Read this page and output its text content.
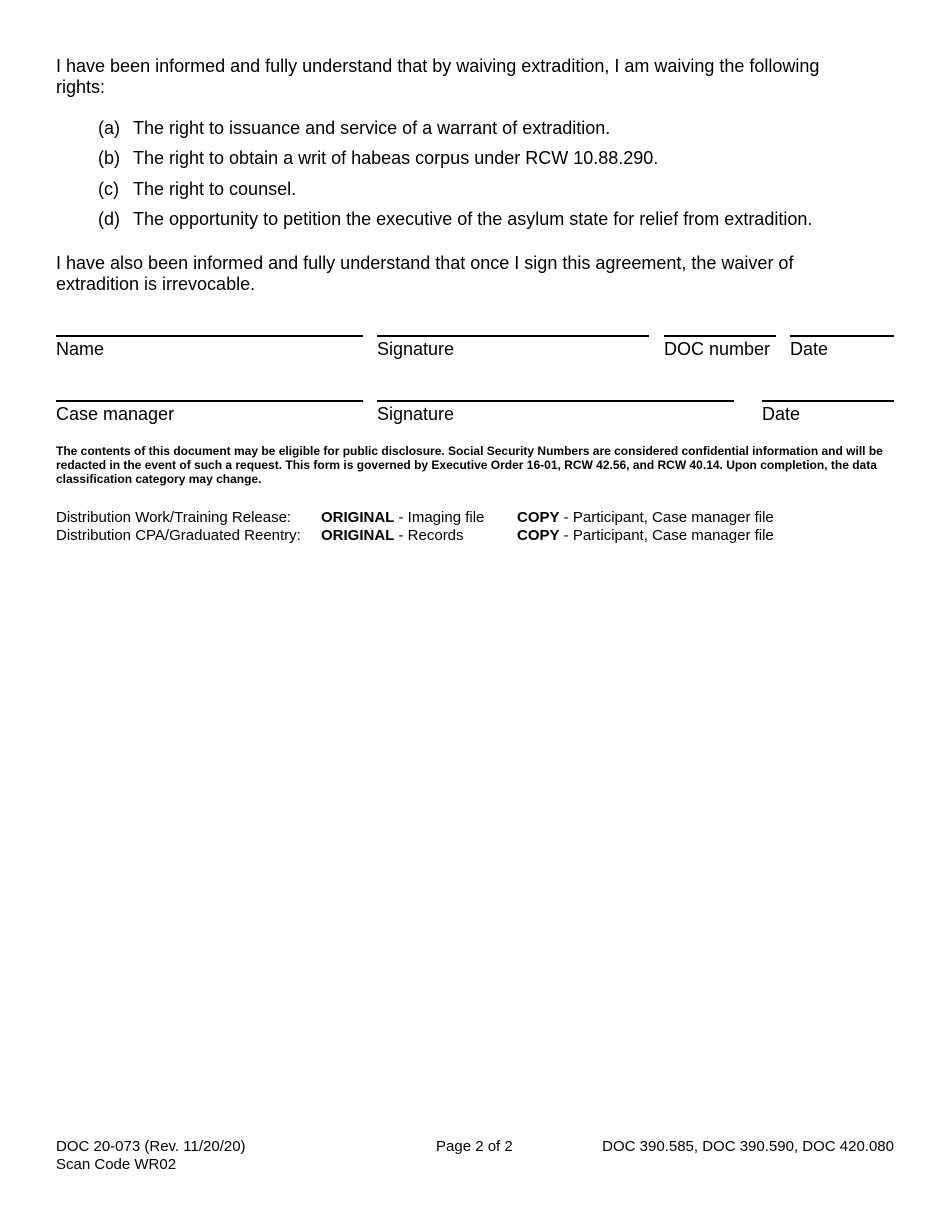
I have been informed and fully understand that by waiving extradition, I am waiving the following rights:

(a) The right to issuance and service of a warrant of extradition.
(b) The right to obtain a writ of habeas corpus under RCW 10.88.290.
(c) The right to counsel.
(d) The opportunity to petition the executive of the asylum state for relief from extradition.

I have also been informed and fully understand that once I sign this agreement, the waiver of extradition is irrevocable.

Name	Signature	DOC number Date
Case manager	Signature	Date

The contents of this document may be eligible for public disclosure. Social Security Numbers are considered confidential information and will be redacted in the event of such a request. This form is governed by Executive Order 16-01, RCW 42.56, and RCW 40.14. Upon completion, the data classification category may change.

Distribution Work/Training Release: ORIGINAL - Imaging file COPY - Participant, Case manager file
Distribution CPA/Graduated Reentry: ORIGINAL - Records	COPY - Participant, Case manager file
DOC 20-073 (Rev. 11/20/20)
Scan Code WR02
Page 2 of 2	DOC 390.585, DOC 390.590, DOC 420.080
